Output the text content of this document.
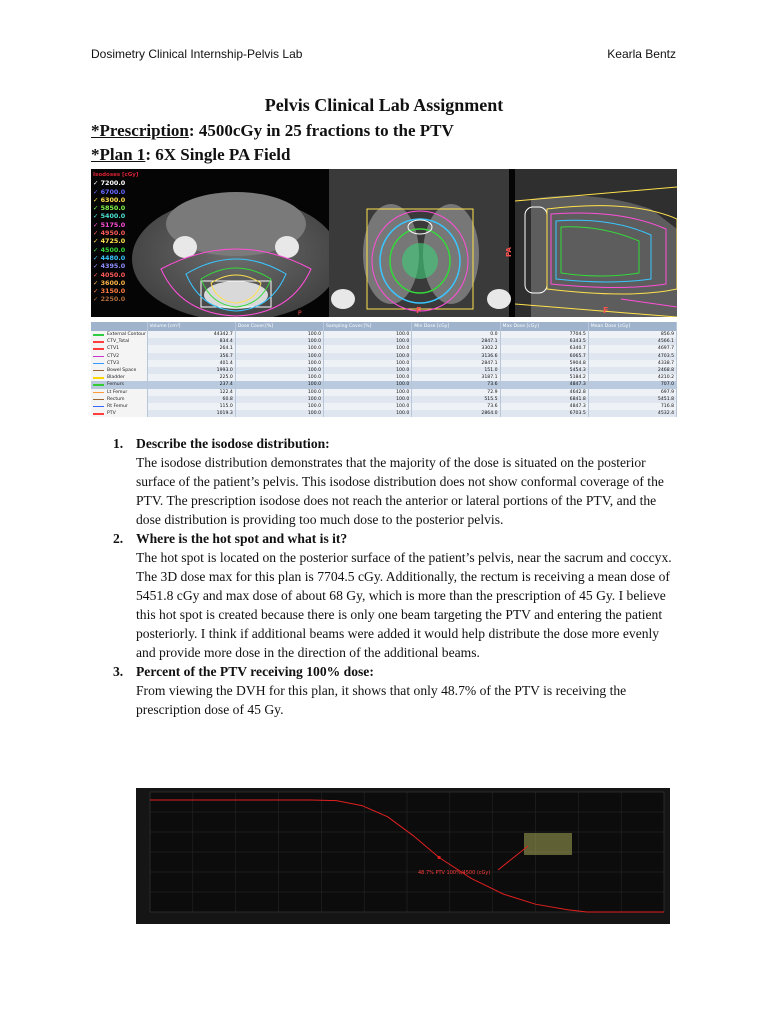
Dosimetry Clinical Internship-Pelvis Lab	Kearla Bentz
Pelvis Clinical Lab Assignment
*Prescription: 4500cGy in 25 fractions to the PTV
*Plan 1: 6X Single PA Field
P	F
PA
F
Isodoses [cGy]
✓ 7200.0
✓ 6700.0
✓ 6300.0
✓ 5850.0
✓ 5400.0
✓ 5175.0
✓ 4950.0
✓ 4725.0
✓ 4500.0
✓ 4480.0
✓ 4395.0
✓ 4050.0
✓ 3600.0
✓ 3150.0
✓ 2250.0
	Volume [cm³]	Dose Cover.[%]	Sampling Cover.[%]	Min Dose [cGy]	Max Dose [cGy]	Mean Dose [cGy]

External Contour	44342.7	100.0	100.0	0.0	7704.5	856.9

CTV_Total	834.4	100.0	100.0	2847.1	6343.5	4566.1

CTV1	264.1	100.0	100.0	3302.2	6340.7	4697.7

CTV2	356.7	100.0	100.0	3136.6	6065.7	4703.5

CTV3	401.4	100.0	100.0	2847.1	5904.8	4338.7

Bowel Space	1993.0	100.0	100.0	151.0	5454.3	2468.8

Bladder	225.0	100.0	100.0	3187.1	5184.2	4210.2

Femurs	237.4	100.0	100.0	73.6	4847.3	707.0

Lt Femur	122.4	100.0	100.0	72.9	4642.8	697.9

Rectum	60.8	100.0	100.0	515.5	6841.8	5451.8

Rt Femur	115.0	100.0	100.0	73.6	4847.3	716.8

PTV	1019.3	100.0	100.0	2864.0	6703.5	4532.4
1. Describe the isodose distribution:
The isodose distribution demonstrates that the majority of the dose is situated on the posterior surface of the patient’s pelvis. This isodose distribution does not show conformal coverage of the PTV. The prescription isodose does not reach the anterior or lateral portions of the PTV, and the dose distribution is providing too much dose to the posterior pelvis.
2. Where is the hot spot and what is it?
The hot spot is located on the posterior surface of the patient’s pelvis, near the sacrum and coccyx. The 3D dose max for this plan is 7704.5 cGy. Additionally, the rectum is receiving a mean dose of 5451.8 cGy and max dose of about 68 Gy, which is more than the prescription of 45 Gy. I believe this hot spot is created because there is only one beam targeting the PTV and entering the patient posteriorly. I think if additional beams were added it would help distribute the dose more evenly and provide more dose in the direction of the additional beams.
3. Percent of the PTV receiving 100% dose:
From viewing the DVH for this plan, it shows that only 48.7% of the PTV is receiving the prescription dose of 45 Gy.
48.7% PTV 100%/4500 (cGy)
